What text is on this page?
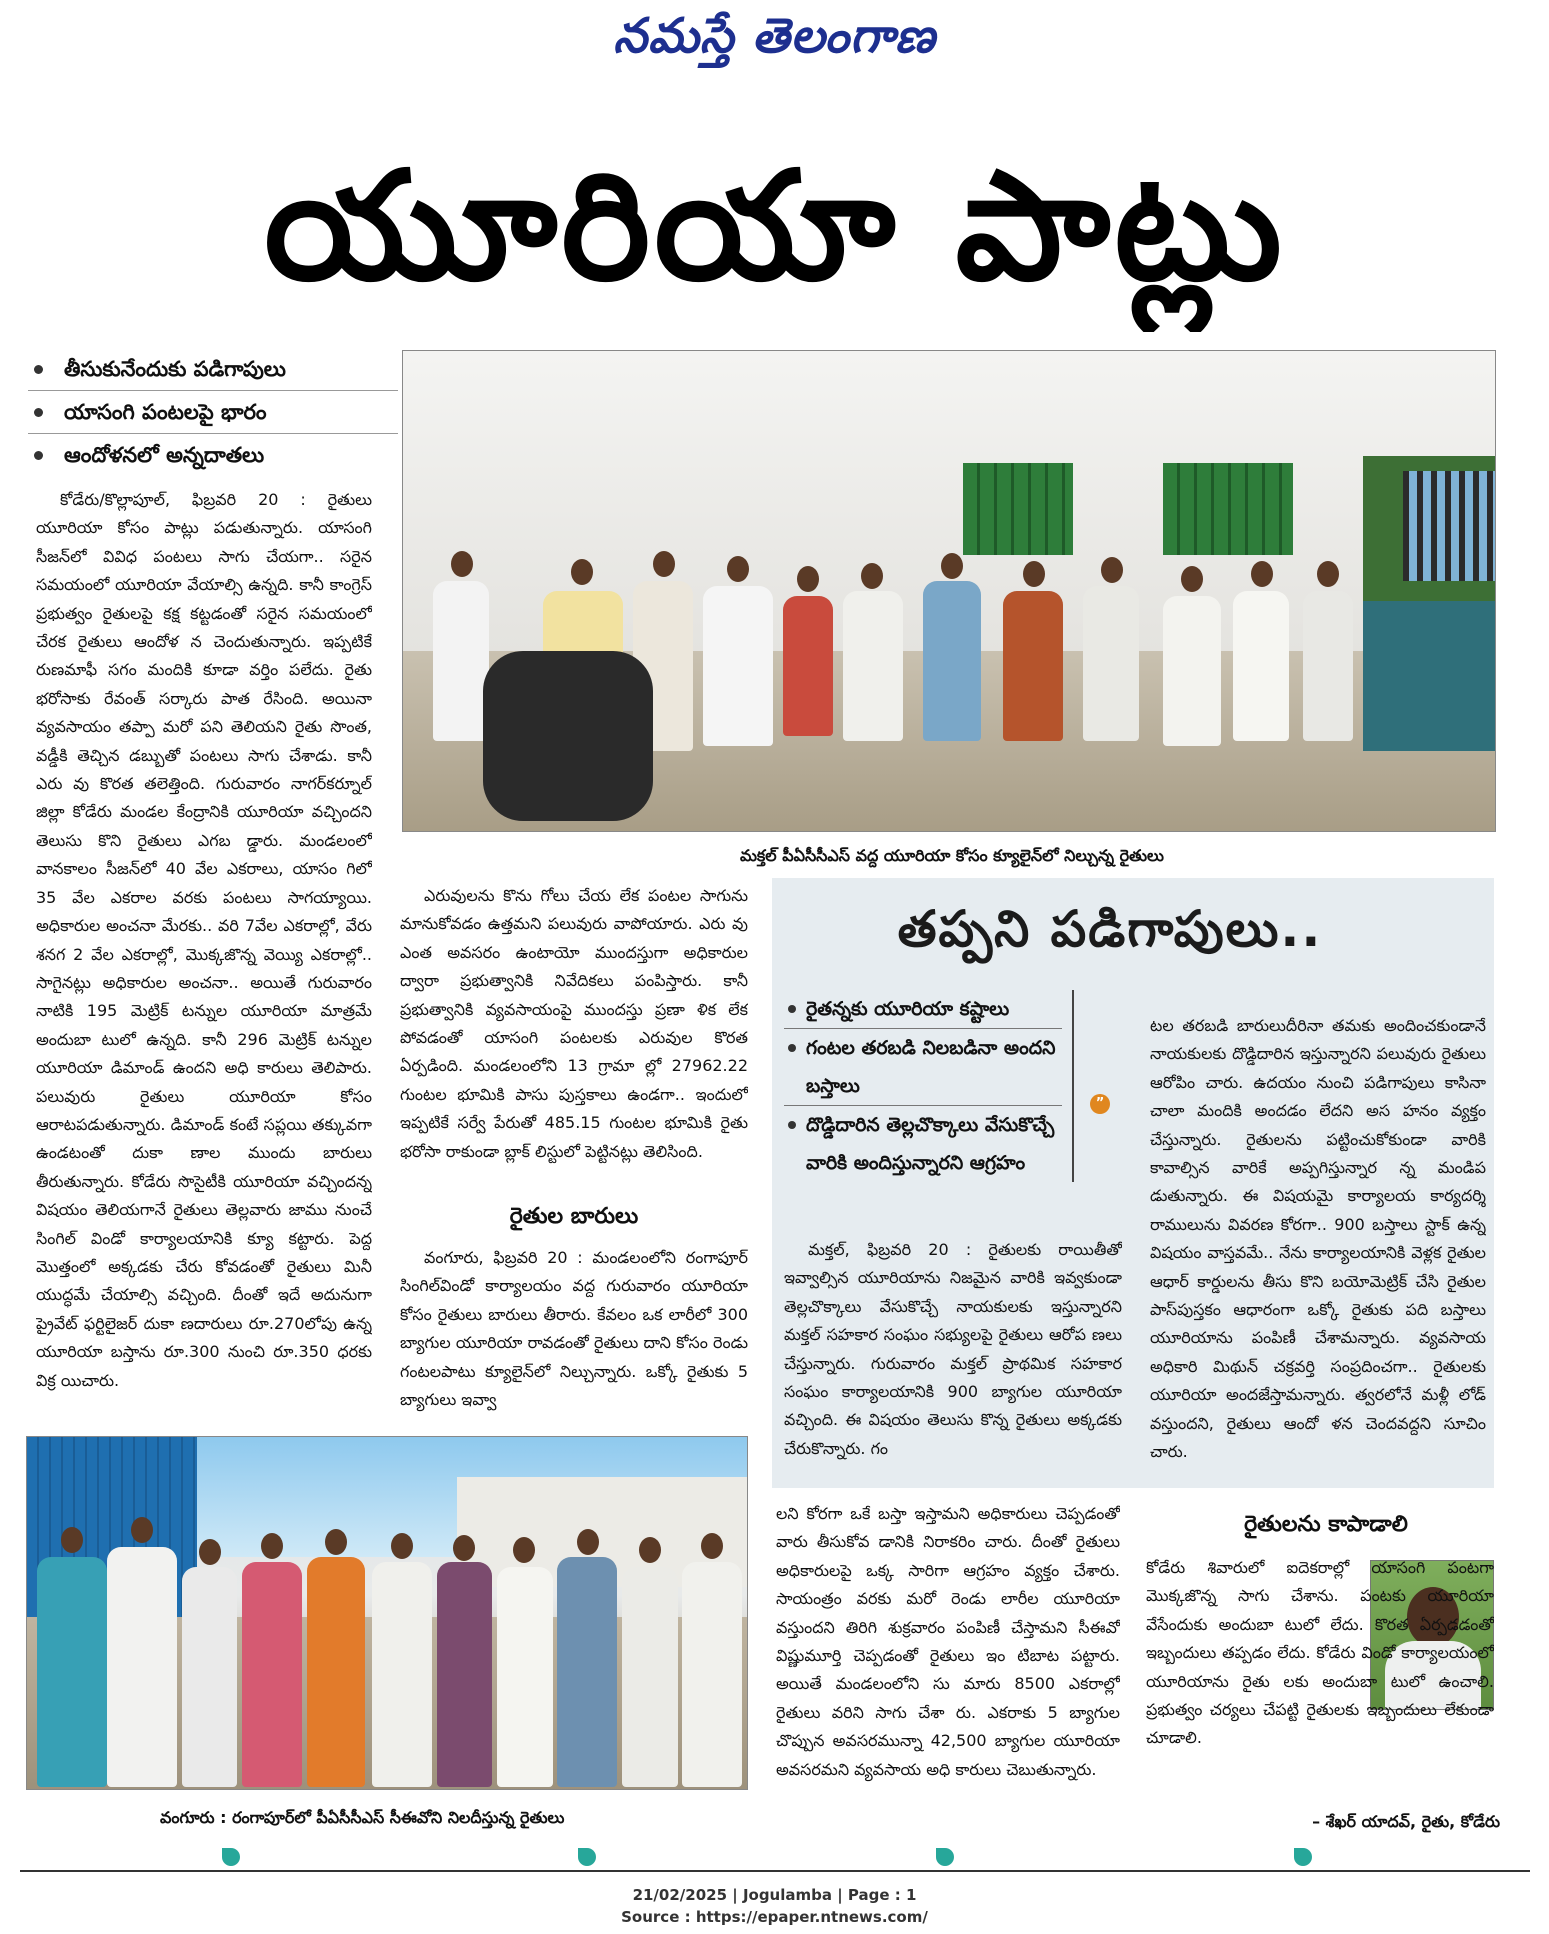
నమస్తే తెలంగాణ
యూరియా పాట్లు
తీసుకునేందుకు పడిగాపులు
యాసంగి పంటలపై భారం
ఆందోళనలో అన్నదాతలు
మక్తల్ పీఏసీసీఎస్ వద్ద యూరియా కోసం క్యూలైన్‌లో నిల్చున్న రైతులు

కోడేరు/కొల్లాపూల్, ఫిబ్రవరి 20 : రైతులు యూరియా కోసం పాట్లు పడుతున్నారు. యాసంగి సీజన్‌లో వివిధ పంటలు సాగు చేయగా.. సరైన సమయంలో యూరియా వేయాల్సి ఉన్నది. కానీ కాంగ్రెస్ ప్రభుత్వం రైతులపై కక్ష కట్టడంతో సరైన సమయంలో చేరక రైతులు ఆందోళ న చెందుతున్నారు. ఇప్పటికే రుణమాఫీ సగం మందికి కూడా వర్తిం పలేదు. రైతు భరోసాకు రేవంత్ సర్కారు పాత రేసింది. అయినా వ్యవసాయం తప్పా మరో పని తెలియని రైతు సొంత, వడ్డీకి తెచ్చిన డబ్బుతో పంటలు సాగు చేశాడు. కానీ ఎరు వు కొరత తలెత్తింది. గురువారం నాగర్‌కర్నూల్ జిల్లా కోడేరు మండల కేంద్రానికి యూరియా వచ్చిందని తెలుసు కొని రైతులు ఎగబ డ్డారు. మండలంలో వానకాలం సీజన్‌లో 40 వేల ఎకరాలు, యాసం గిలో 35 వేల ఎకరాల వరకు పంటలు సాగయ్యాయి. అధికారుల అంచనా మేరకు.. వరి 7వేల ఎకరాల్లో, వేరు శనగ 2 వేల ఎకరాల్లో, మొక్కజొన్న వెయ్యి ఎకరాల్లో.. సాగైనట్లు అధికారుల అంచనా.. అయితే గురువారం నాటికి 195 మెట్రిక్ టన్నుల యూరియా మాత్రమే అందుబా టులో ఉన్నది. కానీ 296 మెట్రిక్ టన్నుల యూరియా డిమాండ్ ఉందని అధి కారులు తెలిపారు. పలువురు రైతులు యూరియా కోసం ఆరాటపడుతున్నారు. డిమాండ్ కంటే సప్లయి తక్కువగా ఉండటంతో దుకా ణాల ముందు బారులు తీరుతున్నారు. కోడేరు సొసైటీకి యూరియా వచ్చిందన్న విషయం తెలియగానే రైతులు తెల్లవారు జాము నుంచే సింగిల్ విండో కార్యాలయానికి క్యూ కట్టారు. పెద్ద మొత్తంలో అక్కడకు చేరు కోవడంతో రైతులు మినీ యుద్ధమే చేయాల్సి వచ్చింది. దీంతో ఇదే అదునుగా ప్రైవేట్ ఫర్టిలైజర్ దుకా ణదారులు రూ.270లోపు ఉన్న యూరియా బస్తాను రూ.300 నుంచి రూ.350 ధరకు విక్ర యిచారు.

ఎరువులను కొను గోలు చేయ లేక పంటల సాగును మానుకోవడం ఉత్తమని పలువురు వాపోయారు. ఎరు వు ఎంత అవసరం ఉంటాయో ముందస్తుగా అధికారుల ద్వారా ప్రభుత్వానికి నివేదికలు పంపిస్తారు. కానీ ప్రభుత్వానికి వ్యవసాయంపై ముందస్తు ప్రణా ళిక లేక పోవడంతో యాసంగి పంటలకు ఎరువుల కొరత ఏర్పడింది. మండలంలోని 13 గ్రామా ల్లో 27962.22 గుంటల భూమికి పాసు పుస్తకాలు ఉండగా.. ఇందులో ఇప్పటికే సర్వే పేరుతో 485.15 గుంటల భూమికి రైతు భరోసా రాకుండా బ్లాక్ లిస్టులో పెట్టినట్లు తెలిసింది.

రైతుల బారులు

వంగూరు, ఫిబ్రవరి 20 : మండలంలోని రంగాపూర్ సింగిల్‌విండో కార్యాలయం వద్ద గురువారం యూరియా కోసం రైతులు బారులు తీరారు. కేవలం ఒక లారీలో 300 బ్యాగుల యూరియా రావడంతో రైతులు దాని కోసం రెండు గంటలపాటు క్యూలైన్‌లో నిల్చున్నారు. ఒక్కో రైతుకు 5 బ్యాగులు ఇవ్వా

వంగూరు : రంగాపూర్‌లో పీఏసీసీఎస్ సీఈవోని నిలదీస్తున్న రైతులు
తప్పని పడిగాపులు..
రైతన్నకు యూరియా కష్టాలు
గంటల తరబడి నిలబడినా అందని బస్తాలు
దొడ్డిదారిన తెల్లచొక్కాలు వేసుకొచ్చే వారికి అందిస్తున్నారని ఆగ్రహం
”

మక్తల్, ఫిబ్రవరి 20 : రైతులకు రాయితీతో ఇవ్వాల్సిన యూరియాను నిజమైన వారికి ఇవ్వకుండా తెల్లచొక్కాలు వేసుకొచ్చే నాయకులకు ఇస్తున్నారని మక్తల్ సహకార సంఘం సభ్యులపై రైతులు ఆరోప ణలు చేస్తున్నారు. గురువారం మక్తల్ ప్రాథమిక సహకార సంఘం కార్యాలయానికి 900 బ్యాగుల యూరియా వచ్చింది. ఈ విషయం తెలుసు కొన్న రైతులు అక్కడకు చేరుకొన్నారు. గం

టల తరబడి బారులుదీరినా తమకు అందించకుండానే నాయకులకు దొడ్డిదారిన ఇస్తున్నారని పలువురు రైతులు ఆరోపిం చారు. ఉదయం నుంచి పడిగాపులు కాసినా చాలా మందికి అందడం లేదని అస హనం వ్యక్తం చేస్తున్నారు. రైతులను పట్టించుకోకుండా వారికి కావాల్సిన వారికే అప్పగిస్తున్నార న్న మండిప డుతున్నారు. ఈ విషయమై కార్యాలయ కార్యదర్శి రాములును వివరణ కోరగా.. 900 బస్తాలు స్టాక్ ఉన్న విషయం వాస్తవమే.. నేను కార్యాలయానికి వెళ్లక రైతుల ఆధార్ కార్డులను తీసు కొని బయోమెట్రిక్ చేసి రైతుల పాస్‌పుస్తకం ఆధారంగా ఒక్కో రైతుకు పది బస్తాలు యూరియాను పంపిణీ చేశామన్నారు. వ్యవసాయ అధికారి మిథున్ చక్రవర్తి సంప్రదించగా.. రైతులకు యూరియా అందజేస్తామన్నారు. త్వరలోనే మళ్లీ లోడ్ వస్తుందని, రైతులు ఆందో ళన చెందవద్దని సూచిం చారు.

లని కోరగా ఒకే బస్తా ఇస్తామని అధికారులు చెప్పడంతో వారు తీసుకోవ డానికి నిరాకరిం చారు. దీంతో రైతులు అధికారులపై ఒక్క సారిగా ఆగ్రహం వ్యక్తం చేశారు. సాయంత్రం వరకు మరో రెండు లారీల యూరియా వస్తుందని తిరిగి శుక్రవారం పంపిణీ చేస్తామని సీఈవో విష్ణుమూర్తి చెప్పడంతో రైతులు ఇం టిబాట పట్టారు. అయితే మండలంలోని సు మారు 8500 ఎకరాల్లో రైతులు వరిని సాగు చేశా రు. ఎకరాకు 5 బ్యాగుల చొప్పున అవసరమున్నా 42,500 బ్యాగుల యూరియా అవసరమని వ్యవసాయ అధి కారులు చెబుతున్నారు.

రైతులను కాపాడాలి

కోడేరు శివారులో ఐదెకరాల్లో యాసంగి పంటగా మొక్కజొన్న సాగు చేశాను. పంటకు యూరియా వేసేందుకు అందుబా టులో లేదు. కొరత ఏర్పడడంతో ఇబ్బందులు తప్పడం లేదు. కోడేరు విండో కార్యాలయంలో యూరియాను రైతు లకు అందుబా టులో ఉంచాలి. ప్రభుత్వం చర్యలు చేపట్టి రైతులకు ఇబ్బందులు లేకుండా చూడాలి.

– శేఖర్ యాదవ్, రైతు, కోడేరు
21/02/2025 | Jogulamba | Page : 1
Source : https://epaper.ntnews.com/
